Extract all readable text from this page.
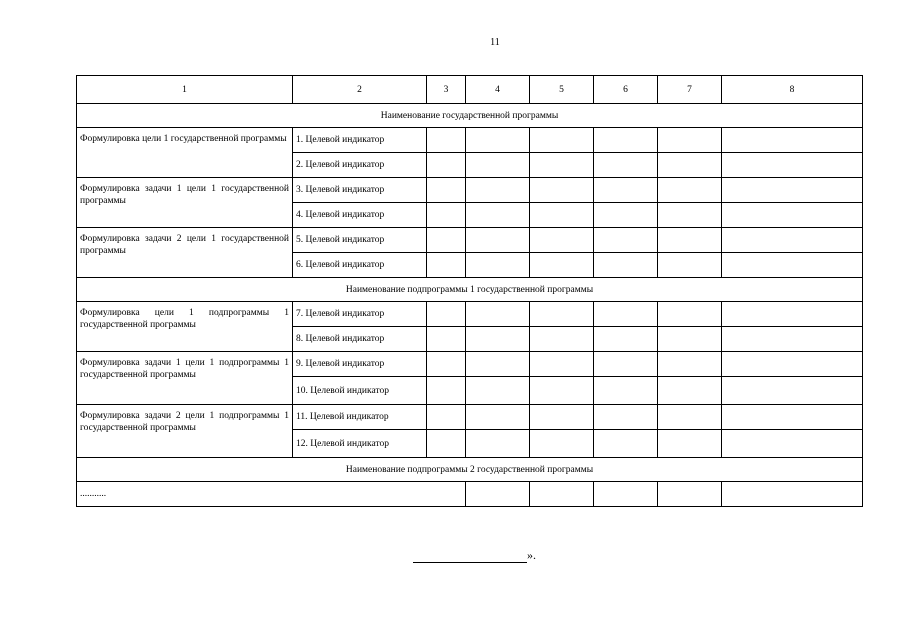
11
1	2	3	4	5	6	7	8
Наименование государственной программы							
Формулировка цели 1 государственной программы	1. Целевой индикатор						
	2. Целевой индикатор						
Формулировка задачи 1 цели 1 государственной программы	3. Целевой индикатор						
	4. Целевой индикатор						
Формулировка задачи 2 цели 1 государственной программы	5. Целевой индикатор						
	6. Целевой индикатор						
Наименование подпрограммы 1 государственной программы							
Формулировка цели 1 подпрограммы 1 государственной программы	7. Целевой индикатор						
	8. Целевой индикатор						
Формулировка задачи 1 цели 1 подпрограммы 1 государственной программы	9. Целевой индикатор						
	10. Целевой индикатор						
Формулировка задачи 2 цели 1 подпрограммы 1 государственной программы	11. Целевой индикатор						
	12. Целевой индикатор						
Наименование подпрограммы 2 государственной программы							
...........							
».
